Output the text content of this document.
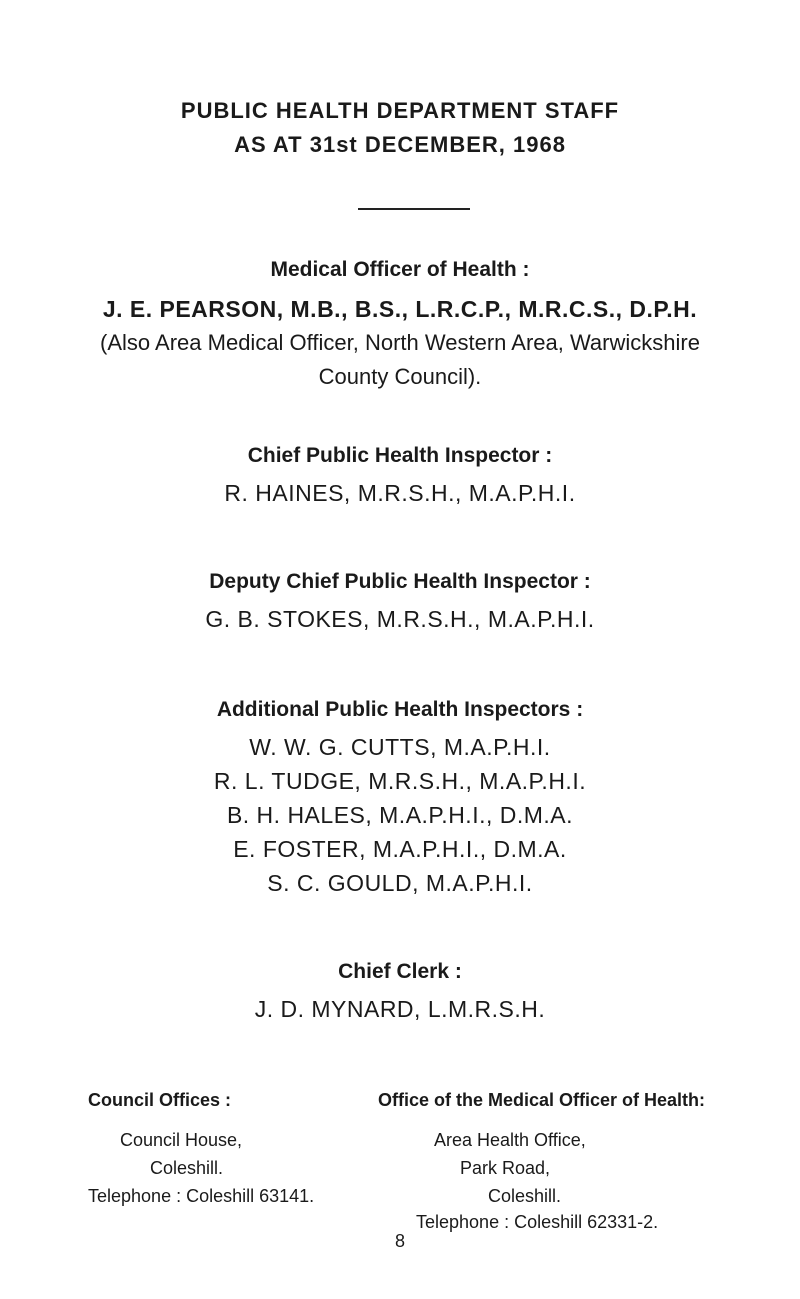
PUBLIC HEALTH DEPARTMENT STAFF
AS AT 31st DECEMBER, 1968
Medical Officer of Health :
J. E. PEARSON, M.B., B.S., L.R.C.P., M.R.C.S., D.P.H.
(Also Area Medical Officer, North Western Area, Warwickshire
County Council).
Chief Public Health Inspector :
R. HAINES, M.R.S.H., M.A.P.H.I.
Deputy Chief Public Health Inspector :
G. B. STOKES, M.R.S.H., M.A.P.H.I.
Additional Public Health Inspectors :
W. W. G. CUTTS, M.A.P.H.I.
R. L. TUDGE, M.R.S.H., M.A.P.H.I.
B. H. HALES, M.A.P.H.I., D.M.A.
E. FOSTER, M.A.P.H.I., D.M.A.
S. C. GOULD, M.A.P.H.I.
Chief Clerk :
J. D. MYNARD, L.M.R.S.H.
Council Offices :
Council House,
Coleshill.
Telephone : Coleshill 63141.
Office of the Medical Officer of Health:
Area Health Office,
Park Road,
Coleshill.
Telephone : Coleshill 62331-2.
8
